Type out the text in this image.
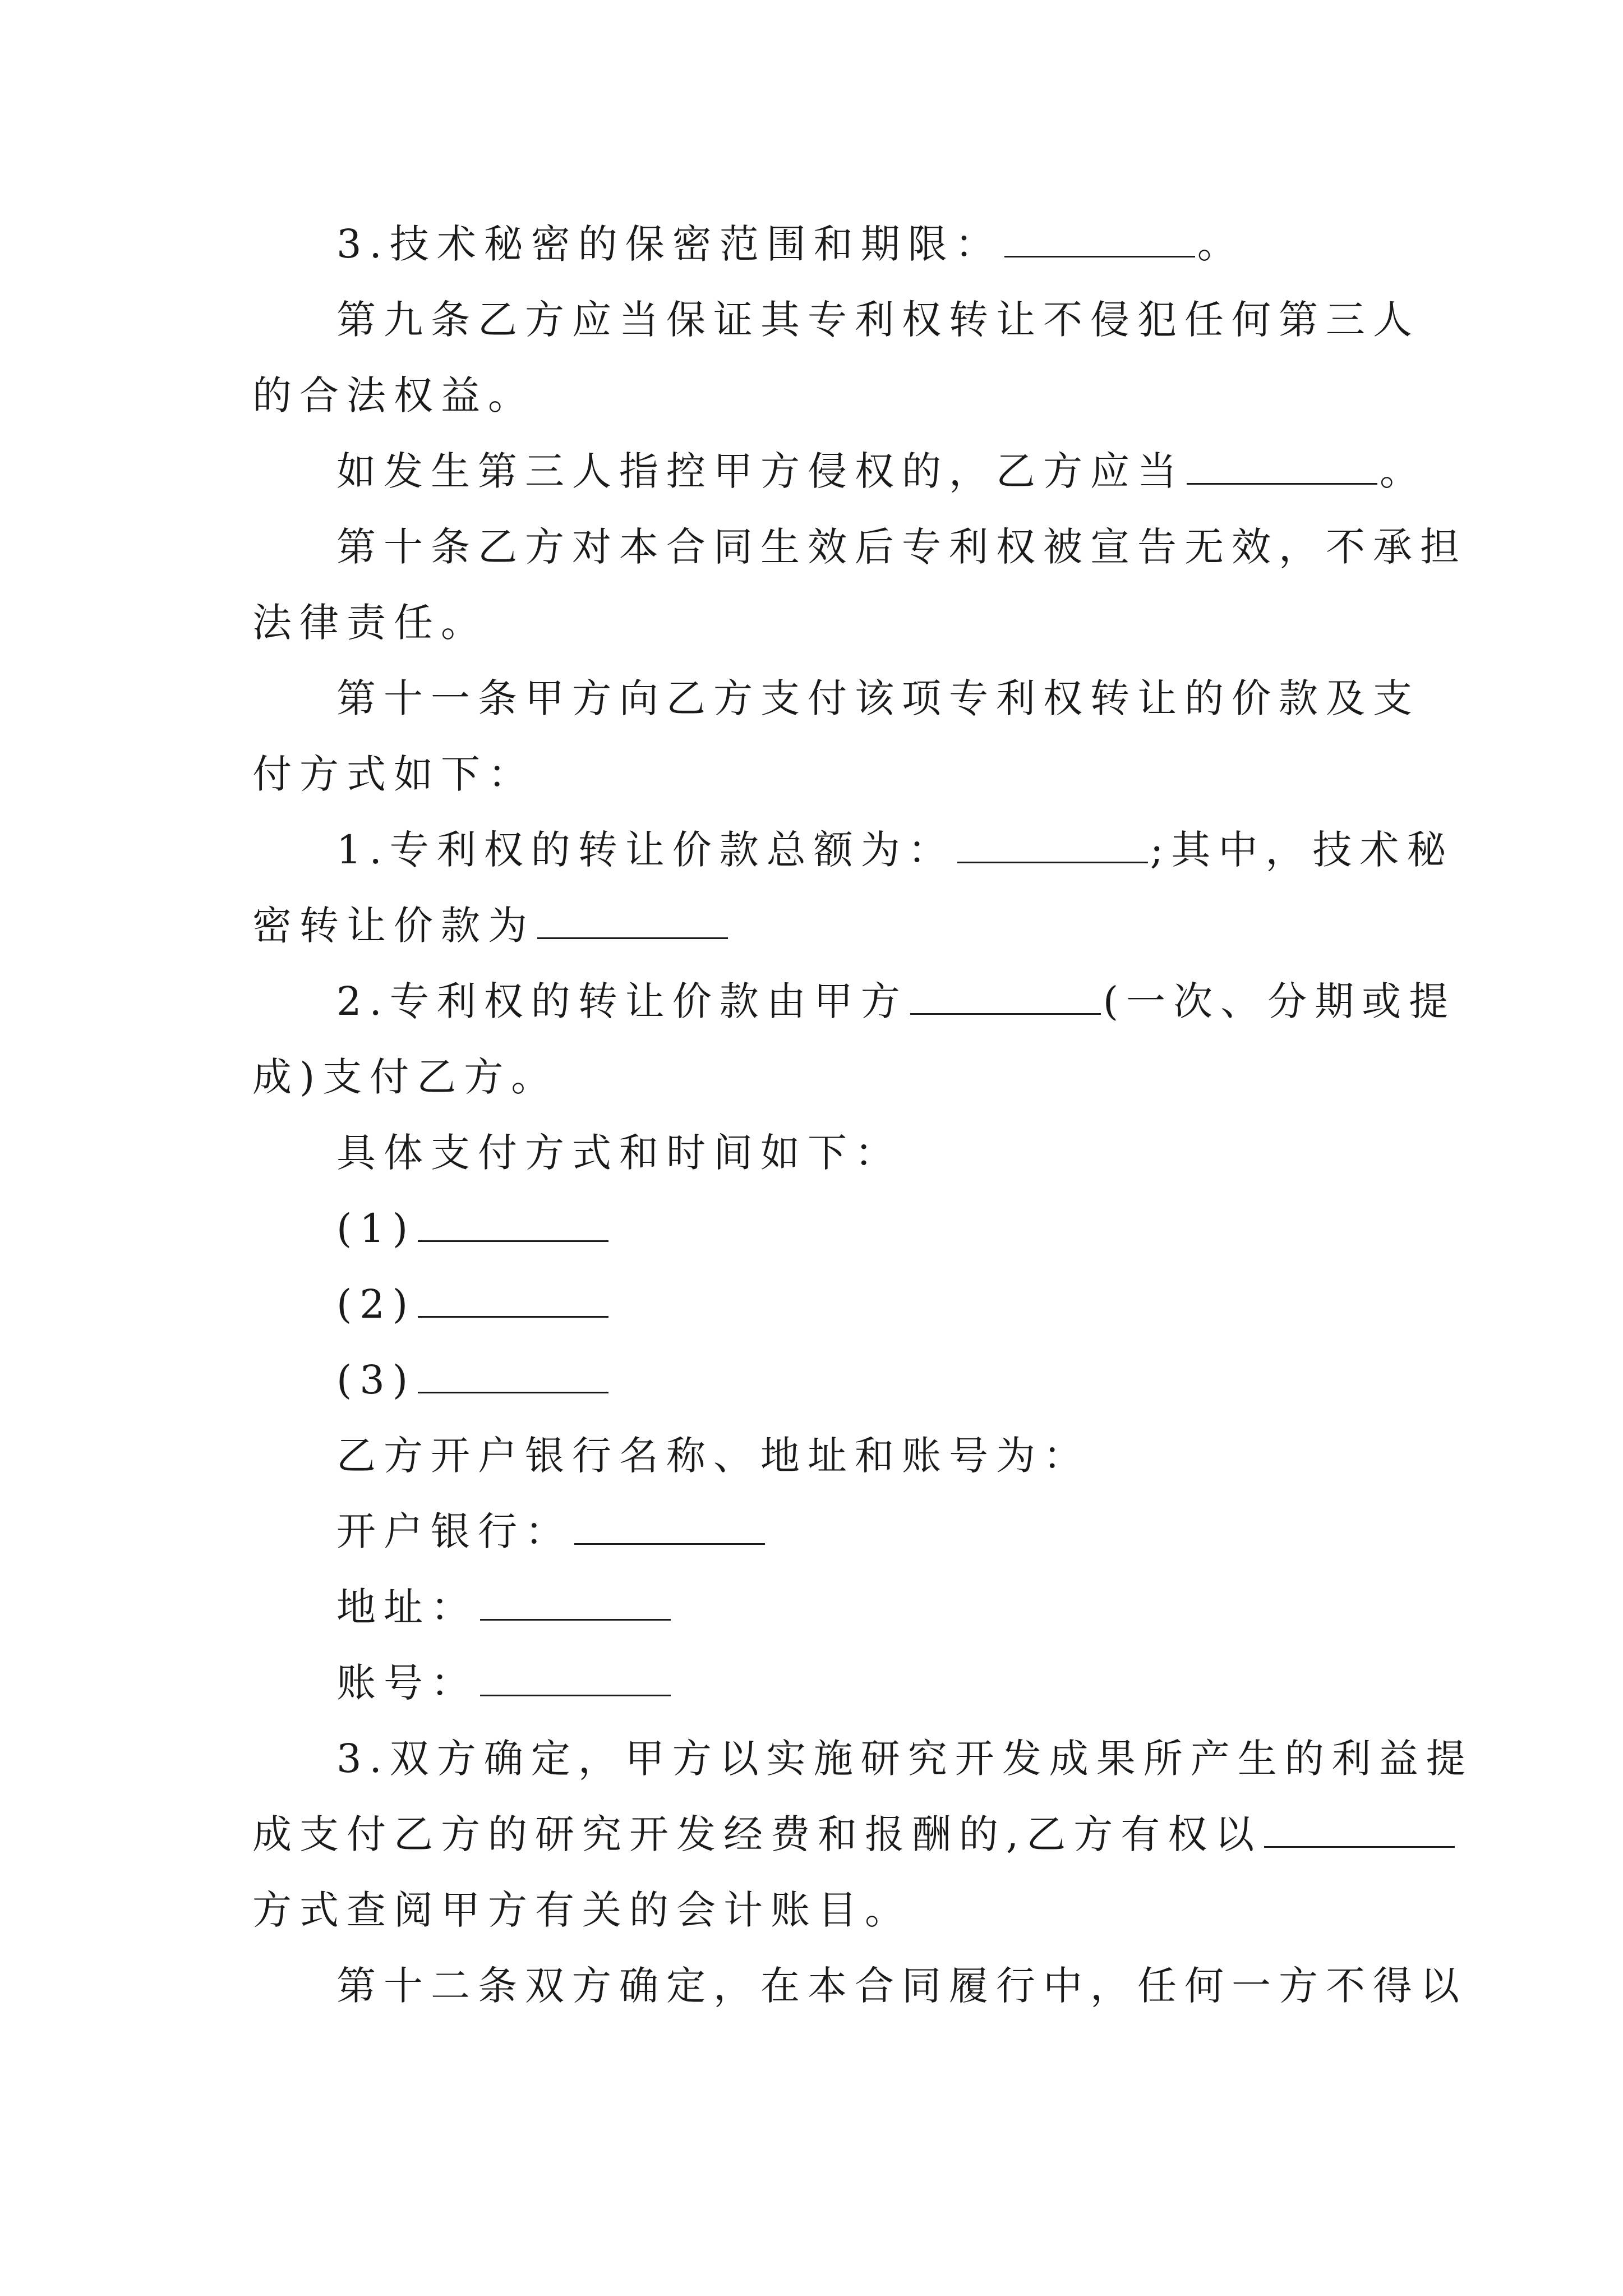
3.技术秘密的保密范围和期限：	。
第九条乙方应当保证其专利权转让不侵犯任何第三人
的合法权益。
如发生第三人指控甲方侵权的，乙方应当	。
第十条乙方对本合同生效后专利权被宣告无效，不承担
法律责任。
第十一条甲方向乙方支付该项专利权转让的价款及支
付方式如下：
1.专利权的转让价款总额为：	;其中，技术秘
密转让价款为
2.专利权的转让价款由甲方	(一次、分期或提
成)支付乙方。
具体支付方式和时间如下：
(1)
(2)
(3)
乙方开户银行名称、地址和账号为：
开户银行：
地址：
账号：
3.双方确定，甲方以实施研究开发成果所产生的利益提
成支付乙方的研究开发经费和报酬的,乙方有权以
方式查阅甲方有关的会计账目。
第十二条双方确定，在本合同履行中，任何一方不得以
